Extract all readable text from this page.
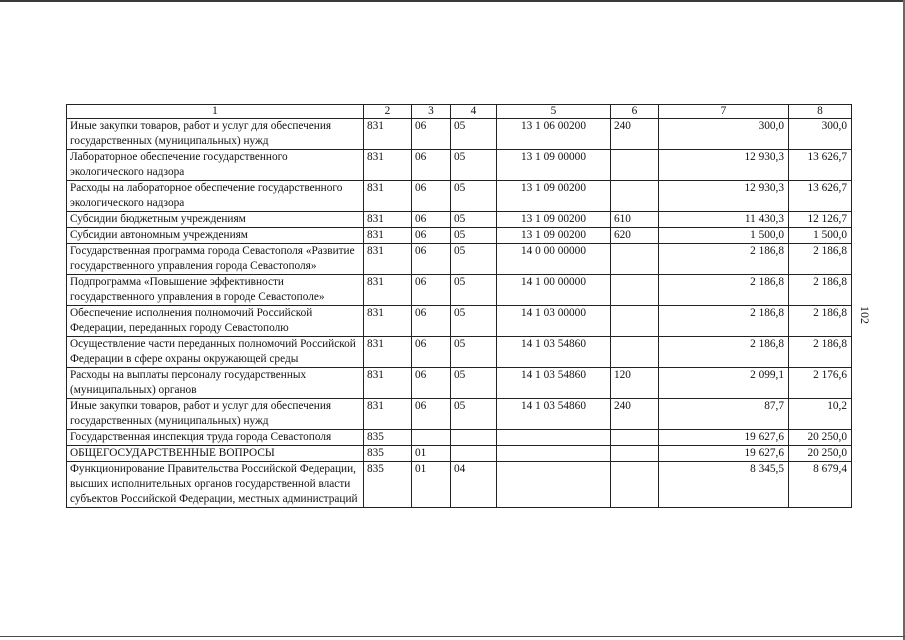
102
1	2	3	4	5	6	7	8
Иные закупки товаров, работ и услуг для обеспечения государственных (муниципальных) нужд	831	06	05	13 1 06 00200	240	300,0	300,0
Лабораторное обеспечение государственного экологического надзора	831	06	05	13 1 09 00000		12 930,3	13 626,7
Расходы на лабораторное обеспечение государственного экологического надзора	831	06	05	13 1 09 00200		12 930,3	13 626,7
Субсидии бюджетным учреждениям	831	06	05	13 1 09 00200	610	11 430,3	12 126,7
Субсидии автономным учреждениям	831	06	05	13 1 09 00200	620	1 500,0	1 500,0
Государственная программа города Севастополя «Развитие государственного управления города Севастополя»	831	06	05	14 0 00 00000		2 186,8	2 186,8
Подпрограмма «Повышение эффективности государственного управления в городе Севастополе»	831	06	05	14 1 00 00000		2 186,8	2 186,8
Обеспечение исполнения полномочий Российской Федерации, переданных городу Севастополю	831	06	05	14 1 03 00000		2 186,8	2 186,8
Осуществление части переданных полномочий Российской Федерации в сфере охраны окружающей среды	831	06	05	14 1 03 54860		2 186,8	2 186,8
Расходы на выплаты персоналу государственных (муниципальных) органов	831	06	05	14 1 03 54860	120	2 099,1	2 176,6
Иные закупки товаров, работ и услуг для обеспечения государственных (муниципальных) нужд	831	06	05	14 1 03 54860	240	87,7	10,2
Государственная инспекция труда города Севастополя	835					19 627,6	20 250,0
ОБЩЕГОСУДАРСТВЕННЫЕ ВОПРОСЫ	835	01				19 627,6	20 250,0
Функционирование Правительства Российской Федерации, высших исполнительных органов государственной власти субъектов Российской Федерации, местных администраций	835	01	04			8 345,5	8 679,4
